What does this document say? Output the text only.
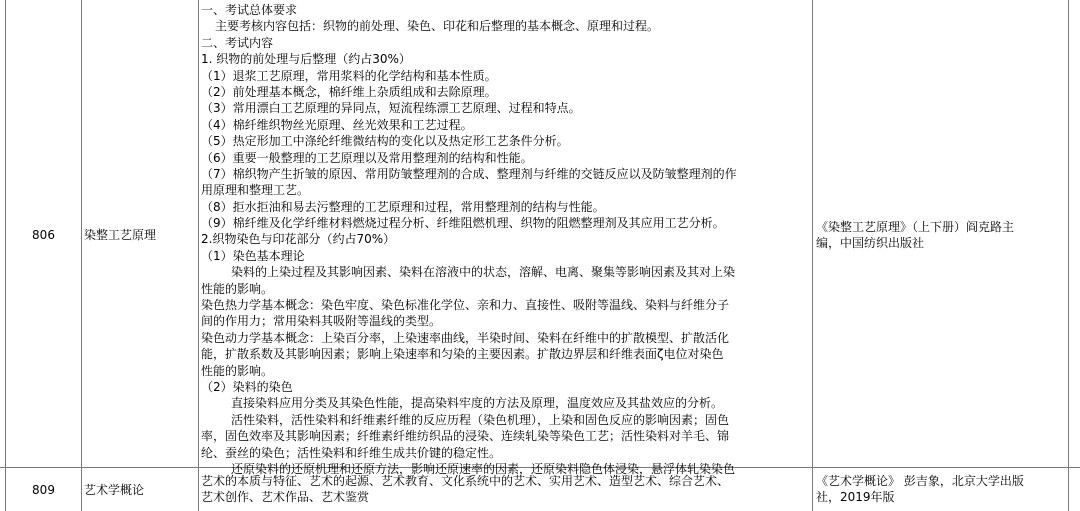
806	染整工艺原理
一、考试总体要求
主要考核内容包括：织物的前处理、染色、印花和后整理的基本概念、原理和过程。
二、考试内容
1. 织物的前处理与后整理（约占30%）
（1）退浆工艺原理，常用浆料的化学结构和基本性质。
（2）前处理基本概念，棉纤维上杂质组成和去除原理。
（3）常用漂白工艺原理的异同点，短流程练漂工艺原理、过程和特点。
（4）棉纤维织物丝光原理、丝光效果和工艺过程。
（5）热定形加工中涤纶纤维微结构的变化以及热定形工艺条件分析。
（6）重要一般整理的工艺原理以及常用整理剂的结构和性能。
（7）棉织物产生折皱的原因、常用防皱整理剂的合成、整理剂与纤维的交链反应以及防皱整理剂的作
用原理和整理工艺。
（8）拒水拒油和易去污整理的工艺原理和过程，常用整理剂的结构与性能。
（9）棉纤维及化学纤维材料燃烧过程分析、纤维阻燃机理、织物的阻燃整理剂及其应用工艺分析。
2.织物染色与印花部分（约占70%）
（1）染色基本理论
染料的上染过程及其影响因素、染料在溶液中的状态，溶解、电离、聚集等影响因素及其对上染
性能的影响。
染色热力学基本概念：染色牢度、染色标准化学位、亲和力、直接性、吸附等温线、染料与纤维分子
间的作用力；常用染料其吸附等温线的类型。
染色动力学基本概念：上染百分率，上染速率曲线，半染时间、染料在纤维中的扩散模型、扩散活化
能，扩散系数及其影响因素；影响上染速率和匀染的主要因素。扩散边界层和纤维表面ζ电位对染色
性能的影响。
（2）染料的染色
直接染料应用分类及其染色性能，提高染料牢度的方法及原理，温度效应及其盐效应的分析。
活性染料，活性染料和纤维素纤维的反应历程（染色机理），上染和固色反应的影响因素；固色
率，固色效率及其影响因素；纤维素纤维纺织品的浸染、连续轧染等染色工艺；活性染料对羊毛、锦
纶、蚕丝的染色；活性染料和纤维生成共价键的稳定性。
还原染料的还原机理和还原方法，影响还原速率的因素，还原染料隐色体浸染，悬浮体轧染染色
《染整工艺原理》（上下册）阎克路主
编，中国纺织出版社
809	艺术学概论
艺术的本质与特征、艺术的起源、艺术教育、文化系统中的艺术、实用艺术、造型艺术、综合艺术、
艺术创作、艺术作品、艺术鉴赏
《艺术学概论》 彭吉象，北京大学出版
社，2019年版
